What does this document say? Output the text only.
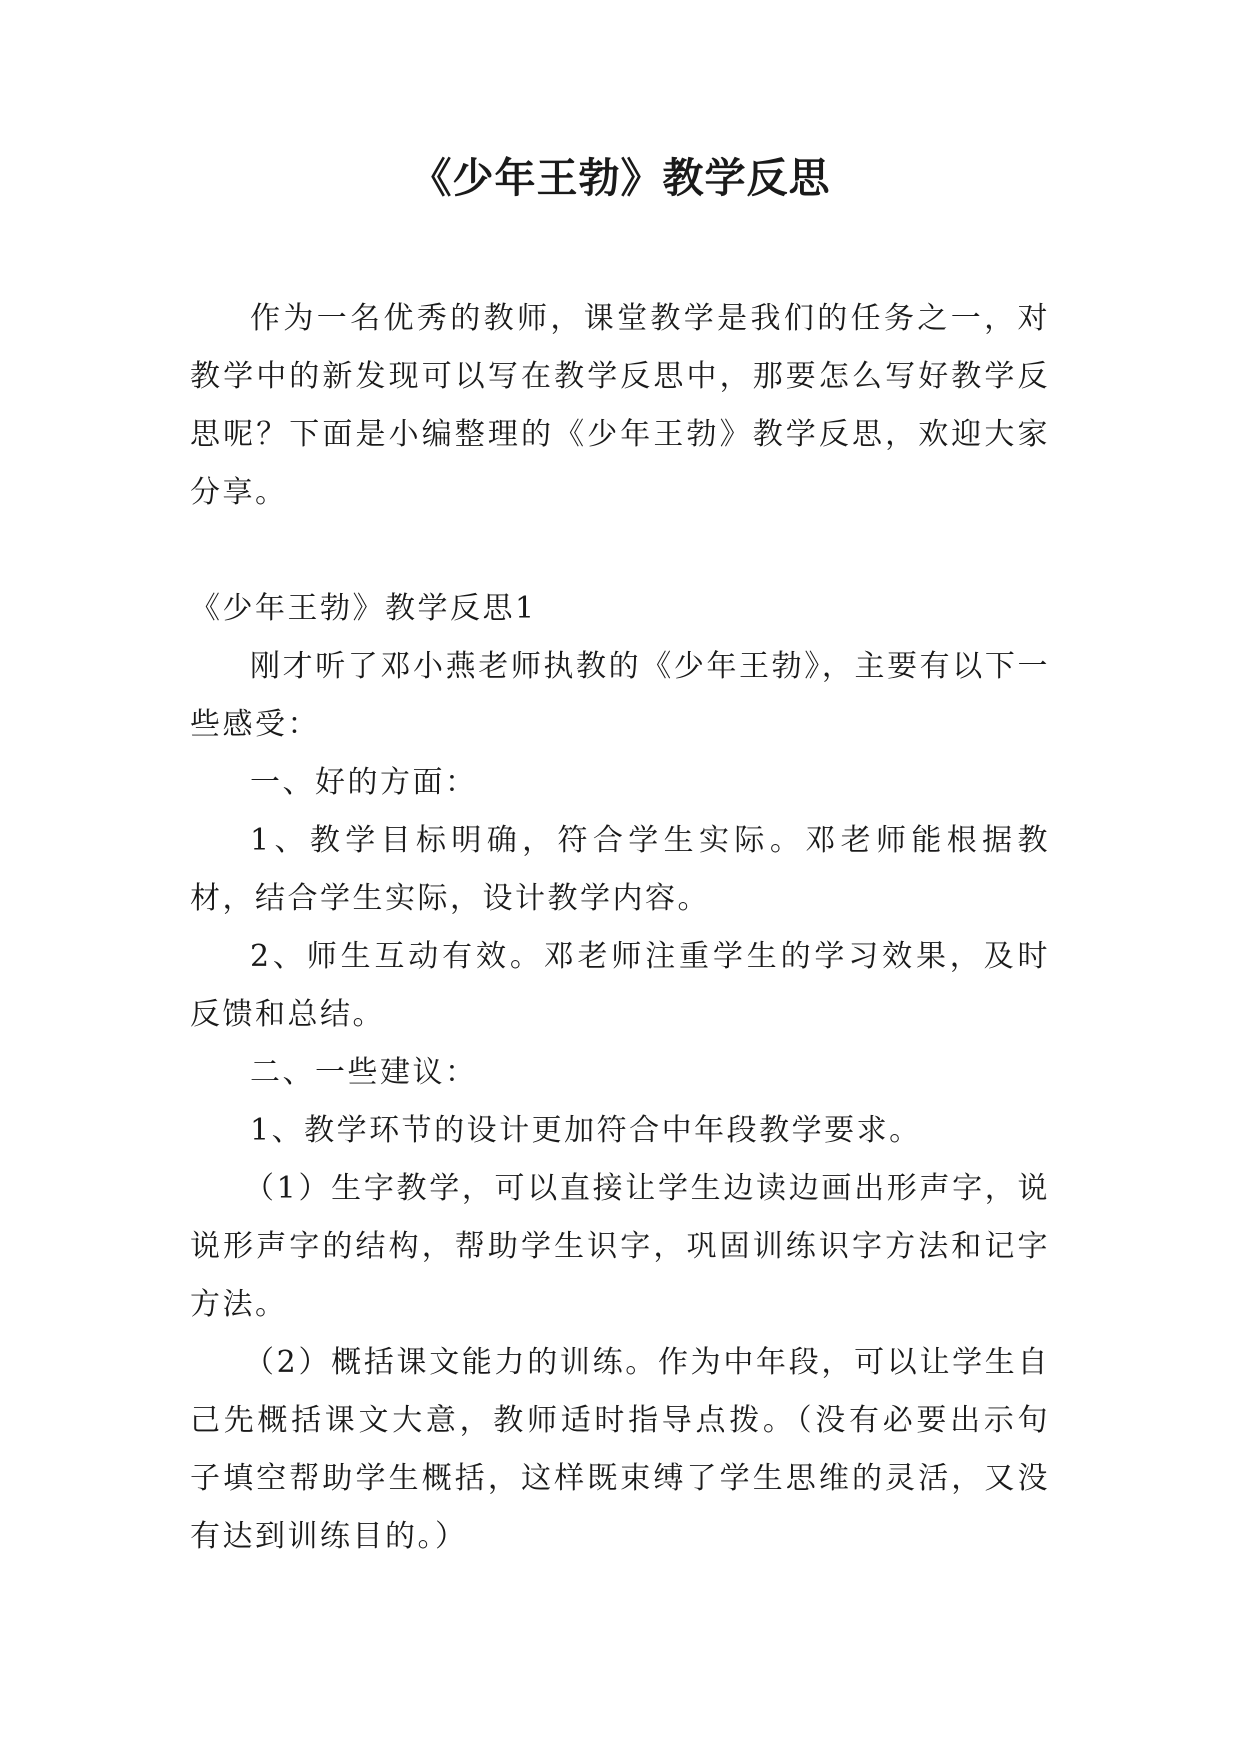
《少年王勃》教学反思

作为一名优秀的教师，课堂教学是我们的任务之一，对教学中的新发现可以写在教学反思中，那要怎么写好教学反思呢？下面是小编整理的《少年王勃》教学反思，欢迎大家分享。

《少年王勃》教学反思1

刚才听了邓小燕老师执教的《少年王勃》，主要有以下一些感受：

一、好的方面：

1、教学目标明确，符合学生实际。邓老师能根据教材，结合学生实际，设计教学内容。

2、师生互动有效。邓老师注重学生的学习效果，及时反馈和总结。

二、一些建议：

1、教学环节的设计更加符合中年段教学要求。

（1）生字教学，可以直接让学生边读边画出形声字，说说形声字的结构，帮助学生识字，巩固训练识字方法和记字方法。

（2）概括课文能力的训练。作为中年段，可以让学生自己先概括课文大意，教师适时指导点拨。（没有必要出示句子填空帮助学生概括，这样既束缚了学生思维的灵活，又没有达到训练目的。）
